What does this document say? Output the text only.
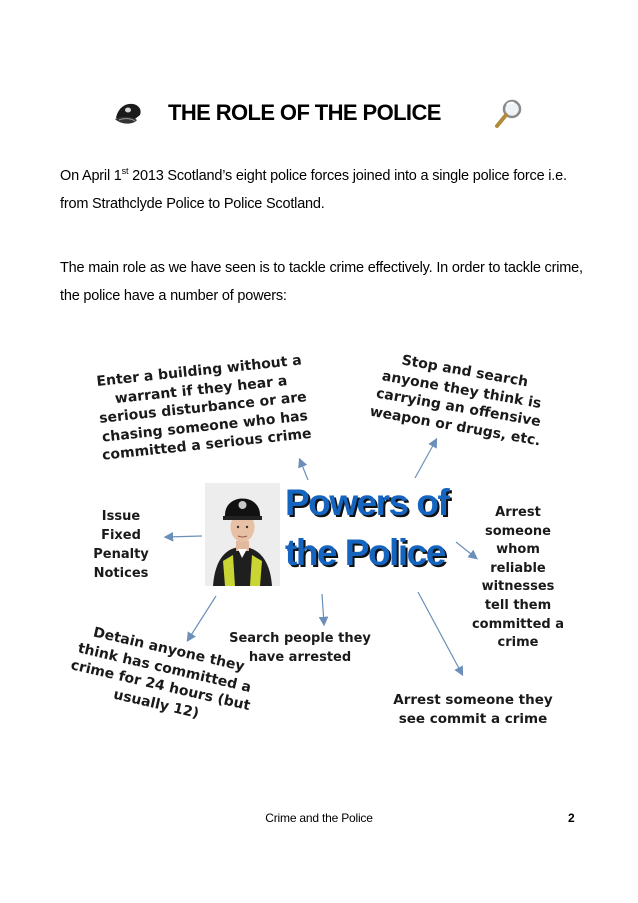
THE ROLE OF THE POLICE
On April 1st 2013 Scotland’s eight police forces joined into a single police force i.e. from Strathclyde Police to Police Scotland.
The main role as we have seen is to tackle crime effectively. In order to tackle crime, the police have a number of powers:
Enter a building without a
warrant if they hear a
serious disturbance or are
chasing someone who has
committed a serious crime
Stop and search
anyone they think is
carrying an offensive
weapon or drugs, etc.
Issue
Fixed
Penalty
Notices
Powers of
the Police
Arrest
someone
whom
reliable
witnesses
tell them
committed a
crime
Detain anyone they
think has committed a
crime for 24 hours (but
usually 12)
Search people they
have arrested
Arrest someone they
see commit a crime
Crime and the Police	2
